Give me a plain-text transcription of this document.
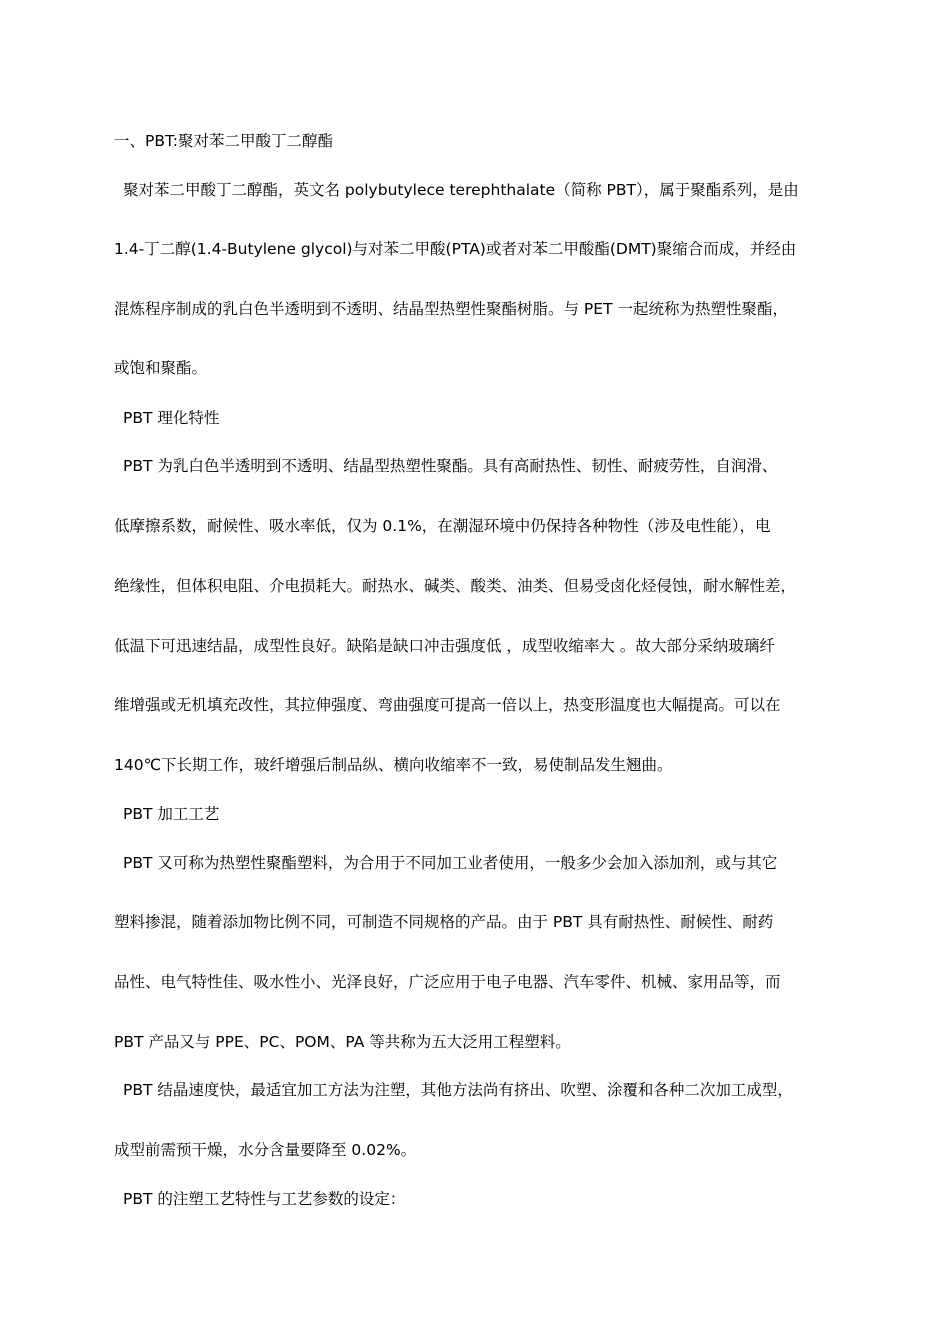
一、PBT:聚对苯二甲酸丁二醇酯
聚对苯二甲酸丁二醇酯，英文名 polybutylece terephthalate（简称 PBT），属于聚酯系列，是由
1.4-丁二醇(1.4-Butylene glycol)与对苯二甲酸(PTA)或者对苯二甲酸酯(DMT)聚缩合而成，并经由
混炼程序制成的乳白色半透明到不透明、结晶型热塑性聚酯树脂。与 PET 一起统称为热塑性聚酯，
或饱和聚酯。
PBT 理化特性
PBT 为乳白色半透明到不透明、结晶型热塑性聚酯。具有高耐热性、韧性、耐疲劳性，自润滑、
低摩擦系数，耐候性、吸水率低，仅为 0.1%，在潮湿环境中仍保持各种物性（涉及电性能），电
绝缘性，但体积电阻、介电损耗大。耐热水、碱类、酸类、油类、但易受卤化烃侵蚀，耐水解性差，
低温下可迅速结晶，成型性良好。缺陷是缺口冲击强度低 ，成型收缩率大 。故大部分采纳玻璃纤
维增强或无机填充改性，其拉伸强度、弯曲强度可提高一倍以上，热变形温度也大幅提高。可以在
140℃下长期工作，玻纤增强后制品纵、横向收缩率不一致，易使制品发生翘曲。
PBT 加工工艺
PBT 又可称为热塑性聚酯塑料，为合用于不同加工业者使用，一般多少会加入添加剂，或与其它
塑料掺混，随着添加物比例不同，可制造不同规格的产品。由于 PBT 具有耐热性、耐候性、耐药
品性、电气特性佳、吸水性小、光泽良好，广泛应用于电子电器、汽车零件、机械、家用品等，而
PBT 产品又与 PPE、PC、POM、PA 等共称为五大泛用工程塑料。
PBT 结晶速度快，最适宜加工方法为注塑，其他方法尚有挤出、吹塑、涂覆和各种二次加工成型，
成型前需预干燥，水分含量要降至 0.02%。
PBT 的注塑工艺特性与工艺参数的设定：
